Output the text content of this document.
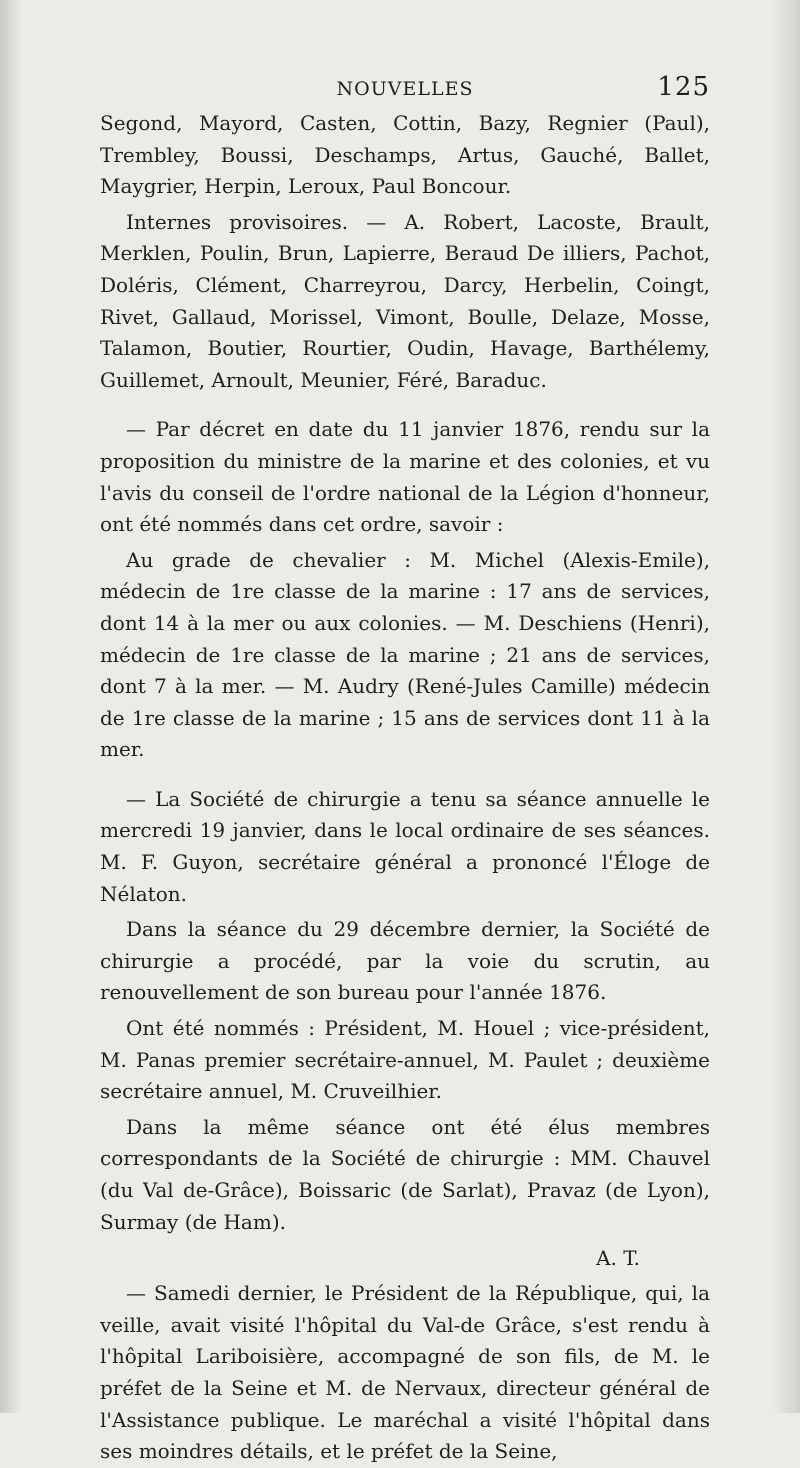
NOUVELLES	125

Segond, Mayord, Casten, Cottin, Bazy, Regnier (Paul), Trembley, Boussi, Deschamps, Artus, Gauché, Ballet, Maygrier, Herpin, Leroux, Paul Boncour.

Internes provisoires. — A. Robert, Lacoste, Brault, Merklen, Poulin, Brun, Lapierre, Beraud De illiers, Pachot, Doléris, Clément, Charreyrou, Darcy, Herbelin, Coingt, Rivet, Gallaud, Morissel, Vimont, Boulle, Delaze, Mosse, Talamon, Boutier, Rourtier, Oudin, Havage, Barthélemy, Guillemet, Arnoult, Meunier, Féré, Baraduc.

— Par décret en date du 11 janvier 1876, rendu sur la proposition du ministre de la marine et des colonies, et vu l'avis du conseil de l'ordre national de la Légion d'honneur, ont été nommés dans cet ordre, savoir :

Au grade de chevalier : M. Michel (Alexis-Emile), médecin de 1re classe de la marine : 17 ans de services, dont 14 à la mer ou aux colonies. — M. Deschiens (Henri), médecin de 1re classe de la marine ; 21 ans de services, dont 7 à la mer. — M. Audry (René-Jules Camille) médecin de 1re classe de la marine ; 15 ans de services dont 11 à la mer.

— La Société de chirurgie a tenu sa séance annuelle le mercredi 19 janvier, dans le local ordinaire de ses séances. M. F. Guyon, secrétaire général a prononcé l'Éloge de Nélaton.

Dans la séance du 29 décembre dernier, la Société de chirurgie a procédé, par la voie du scrutin, au renouvellement de son bureau pour l'année 1876.

Ont été nommés : Président, M. Houel ; vice-président, M. Panas premier secrétaire-annuel, M. Paulet ; deuxième secrétaire annuel, M. Cruveilhier.

Dans la même séance ont été élus membres correspondants de la Société de chirurgie : MM. Chauvel (du Val de-Grâce), Boissaric (de Sarlat), Pravaz (de Lyon), Surmay (de Ham).

A. T.

— Samedi dernier, le Président de la République, qui, la veille, avait visité l'hôpital du Val-de Grâce, s'est rendu à l'hôpital Lariboisière, accompagné de son fils, de M. le préfet de la Seine et M. de Nervaux, directeur général de l'Assistance publique. Le maréchal a visité l'hôpital dans ses moindres détails, et le préfet de la Seine,
